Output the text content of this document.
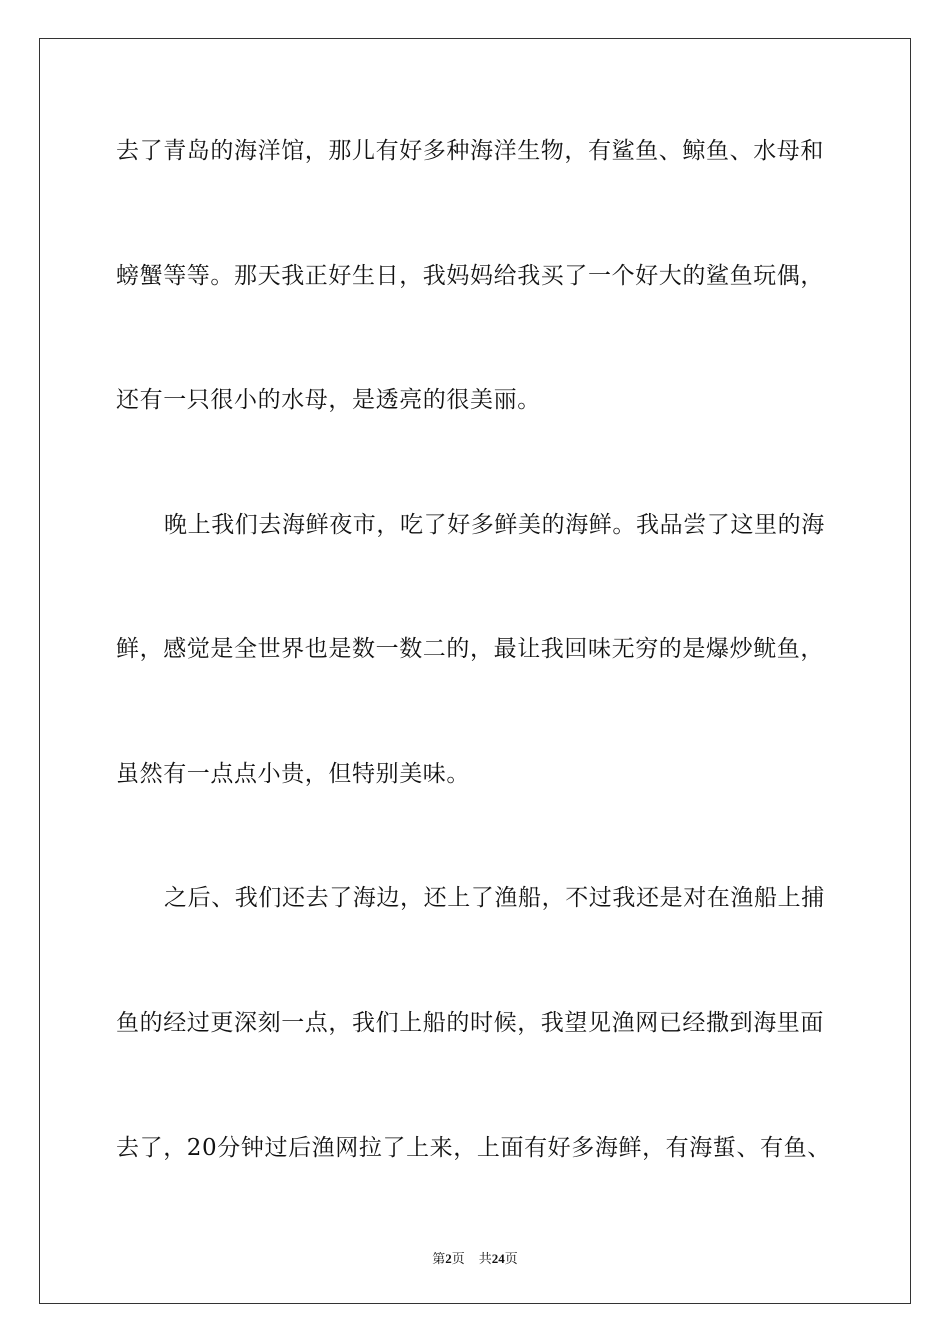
去了青岛的海洋馆，那儿有好多种海洋生物，有鲨鱼、鲸鱼、水母和
螃蟹等等。那天我正好生日，我妈妈给我买了一个好大的鲨鱼玩偶，
还有一只很小的水母，是透亮的很美丽。
晚上我们去海鲜夜市，吃了好多鲜美的海鲜。我品尝了这里的海
鲜，感觉是全世界也是数一数二的，最让我回味无穷的是爆炒鱿鱼，
虽然有一点点小贵，但特别美味。
之后、我们还去了海边，还上了渔船，不过我还是对在渔船上捕
鱼的经过更深刻一点，我们上船的时候，我望见渔网已经撒到海里面
去了，20分钟过后渔网拉了上来，上面有好多海鲜，有海蜇、有鱼、
第2页 共24页
